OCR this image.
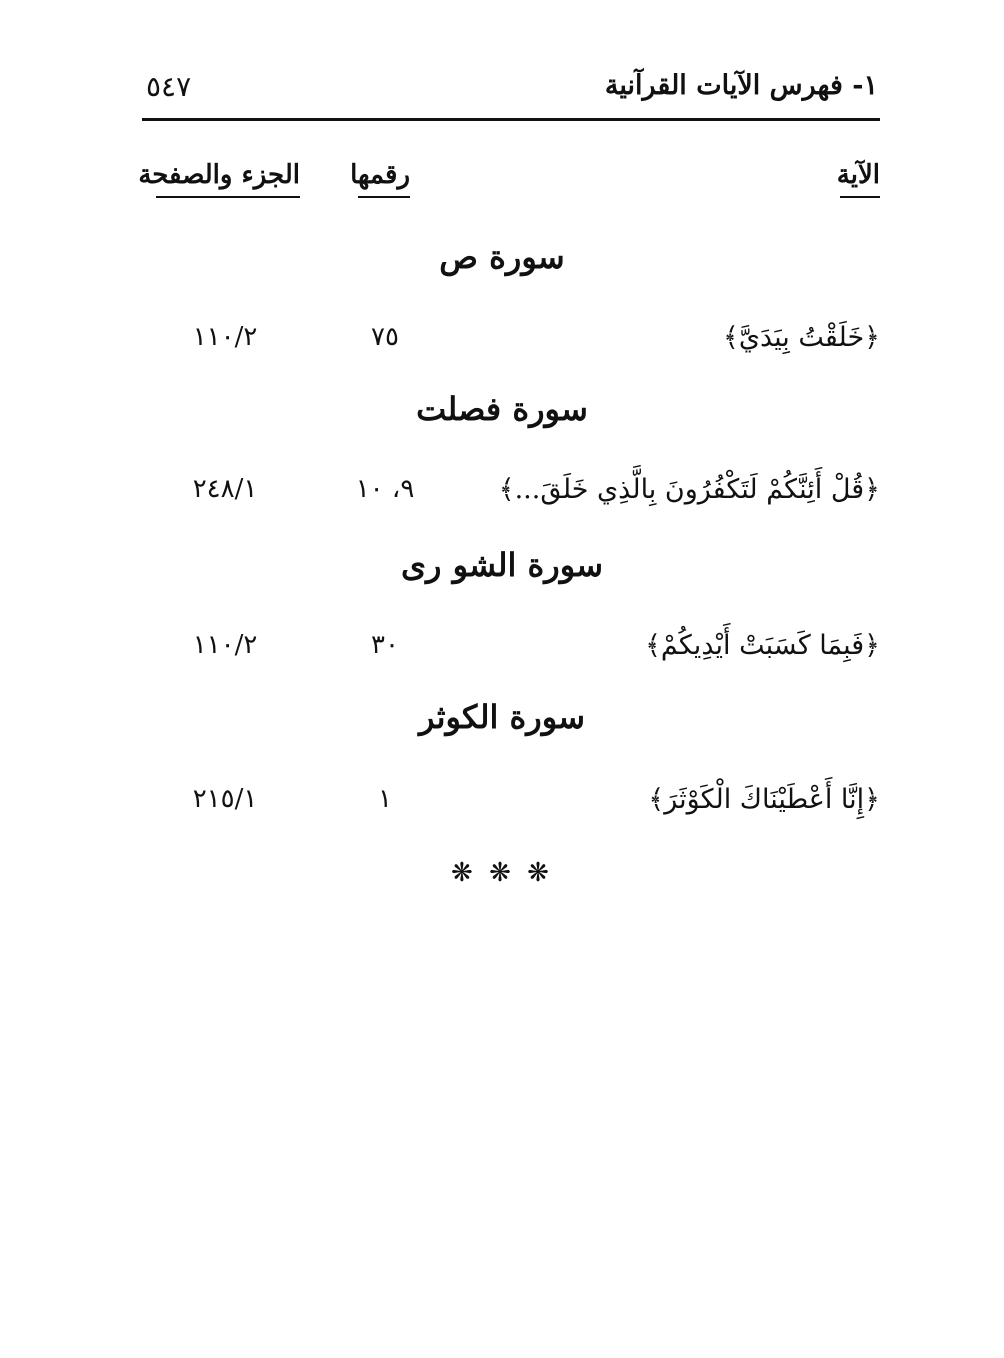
٥٤٧	١- فهرس الآيات القرآنية
الآية
رقمها
الجزء والصفحة
سورة ص
﴿خَلَقْتُ بِيَدَيَّ﴾
٧٥
١١٠/٢
سورة فصلت
﴿قُلْ أَئِنَّكُمْ لَتَكْفُرُونَ بِالَّذِي خَلَقَ...﴾
٩، ١٠
٢٤٨/١
سورة الشو رى
﴿فَبِمَا كَسَبَتْ أَيْدِيكُمْ﴾
٣٠
١١٠/٢
سورة الكوثر
﴿إِنَّا أَعْطَيْنَاكَ الْكَوْثَرَ﴾
١
٢١٥/١
❋ ❋ ❋
